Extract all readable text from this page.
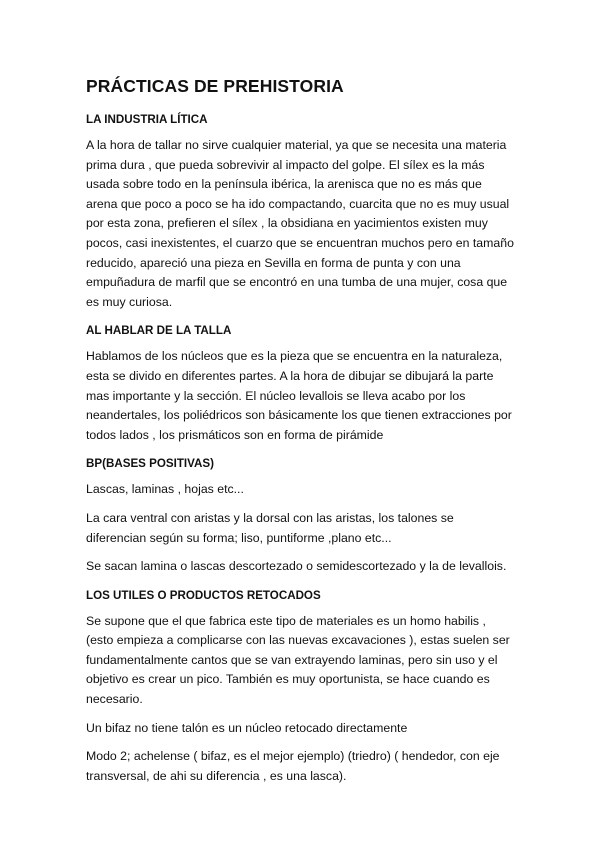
PRÁCTICAS DE PREHISTORIA
LA INDUSTRIA LÍTICA

A la hora de tallar no sirve cualquier material, ya que se necesita una materia prima dura , que pueda sobrevivir al impacto del golpe. El sílex es la más usada sobre todo en la península ibérica, la arenisca que no es más que arena que poco a poco se ha ido compactando, cuarcita que no es muy usual por esta zona, prefieren el sílex , la obsidiana en yacimientos existen muy pocos, casi inexistentes, el cuarzo que se encuentran muchos pero en tamaño reducido, apareció una pieza en Sevilla en forma de punta y con una empuñadura de marfil que se encontró en una tumba de una mujer, cosa que es muy curiosa.

AL HABLAR DE LA TALLA

Hablamos de los núcleos que es la pieza que se encuentra en la naturaleza, esta se divido en diferentes partes. A la hora de dibujar se dibujará la parte mas importante y la sección. El núcleo levallois se lleva acabo por los neandertales, los poliédricos son básicamente los que tienen extracciones por todos lados , los prismáticos son en forma de pirámide

BP(BASES POSITIVAS)

Lascas, laminas , hojas etc...

La cara ventral con aristas y la dorsal con las aristas, los talones se diferencian según su forma; liso, puntiforme ,plano etc...

Se sacan lamina o lascas descortezado o semidescortezado y la de levallois.

LOS UTILES O PRODUCTOS RETOCADOS

Se supone que el que fabrica este tipo de materiales es un homo habilis , (esto empieza a complicarse con las nuevas excavaciones ), estas suelen ser fundamentalmente cantos que se van extrayendo laminas, pero sin uso y el objetivo es crear un pico. También es muy oportunista, se hace cuando es necesario.

Un bifaz no tiene talón es un núcleo retocado directamente

Modo 2; achelense ( bifaz, es el mejor ejemplo) (triedro) ( hendedor, con eje transversal, de ahi su diferencia , es una lasca).
